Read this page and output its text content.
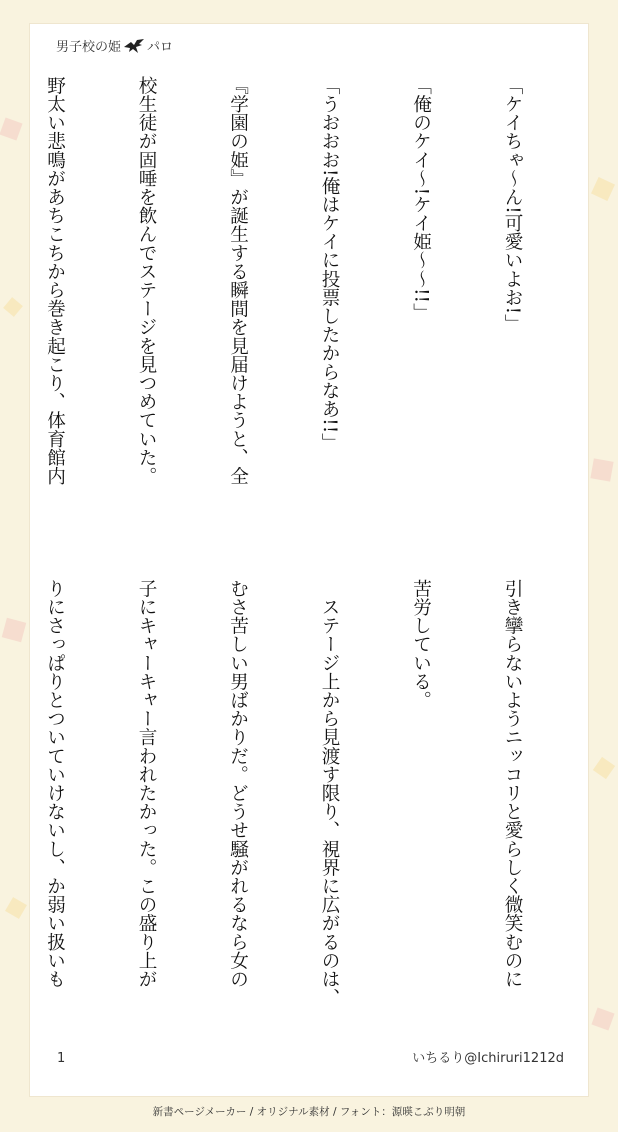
男子校の姫 パロ

「ケイちゃ〜ん!可愛いよお!」

「俺のケイ〜!ケイ姫〜〜!!」

「うおおお!俺はケイに投票したからなあ!!」

『学園の姫』が誕生する瞬間を見届けようと、全

校生徒が固唾を飲んでステージを見つめていた。

野太い悲鳴があちこちから巻き起こり、体育館内

引き攣らないようニッコリと愛らしく微笑むのに

苦労している。

　ステージ上から見渡す限り、視界に広がるのは、

むさ苦しい男ばかりだ。どうせ騒がれるなら女の

子にキャーキャー言われたかった。この盛り上が

りにさっぱりとついていけないし、か弱い扱いも

1	いちるり@Ichiruri1212d
新書ページメーカー / オリジナル素材 / フォント：源暎こぶり明朝
